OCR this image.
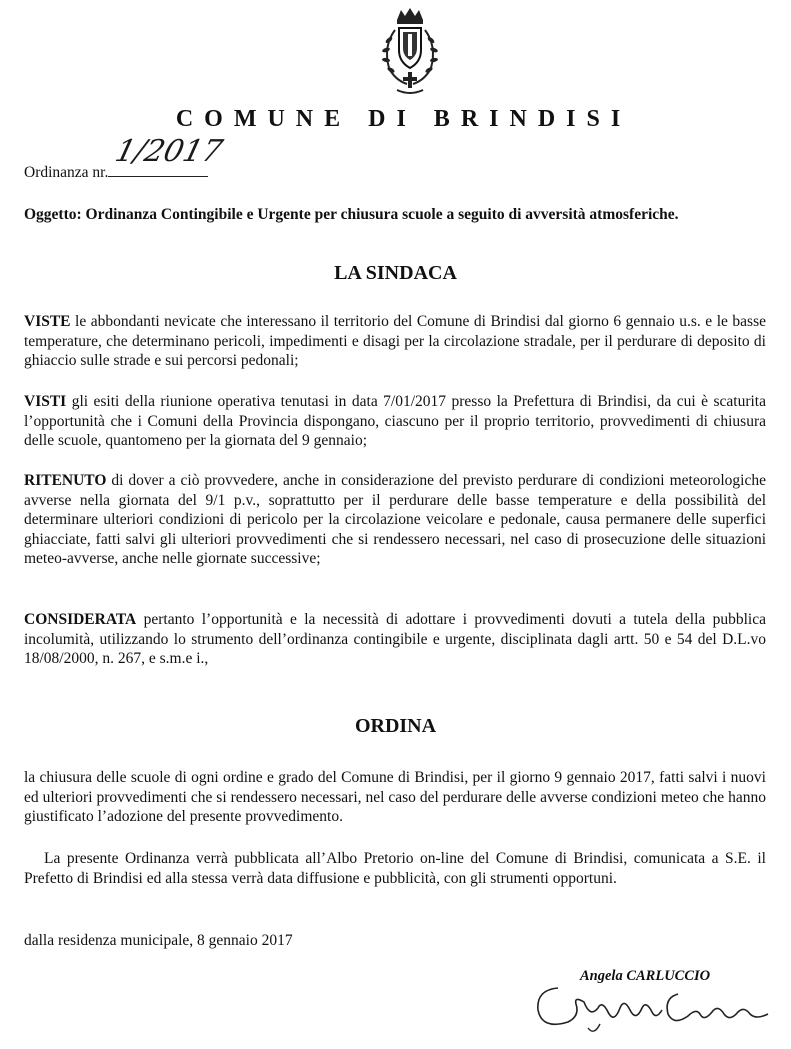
COMUNE DI BRINDISI
Ordinanza nr.
1/2017
Oggetto: Ordinanza Contingibile e Urgente per chiusura scuole a seguito di avversità atmosferiche.
LA SINDACA
VISTE le abbondanti nevicate che interessano il territorio del Comune di Brindisi dal giorno 6 gennaio u.s. e le basse temperature, che determinano pericoli, impedimenti e disagi per la circolazione stradale, per il perdurare di deposito di ghiaccio sulle strade e sui percorsi pedonali;
VISTI gli esiti della riunione operativa tenutasi in data 7/01/2017 presso la Prefettura di Brindisi, da cui è scaturita l’opportunità che i Comuni della Provincia dispongano, ciascuno per il proprio territorio, provvedimenti di chiusura delle scuole, quantomeno per la giornata del 9 gennaio;
RITENUTO di dover a ciò provvedere, anche in considerazione del previsto perdurare di condizioni meteorologiche avverse nella giornata del 9/1 p.v., soprattutto per il perdurare delle basse temperature e della possibilità del determinare ulteriori condizioni di pericolo per la circolazione veicolare e pedonale, causa permanere delle superfici ghiacciate, fatti salvi gli ulteriori provvedimenti che si rendessero necessari, nel caso di prosecuzione delle situazioni meteo-avverse, anche nelle giornate successive;
CONSIDERATA pertanto l’opportunità e la necessità di adottare i provvedimenti dovuti a tutela della pubblica incolumità, utilizzando lo strumento dell’ordinanza contingibile e urgente, disciplinata dagli artt. 50 e 54 del D.L.vo 18/08/2000, n. 267, e s.m.e i.,
ORDINA
la chiusura delle scuole di ogni ordine e grado del Comune di Brindisi, per il giorno 9 gennaio 2017, fatti salvi i nuovi ed ulteriori provvedimenti che si rendessero necessari, nel caso del perdurare delle avverse condizioni meteo che hanno giustificato l’adozione del presente provvedimento.
La presente Ordinanza verrà pubblicata all’Albo Pretorio on-line del Comune di Brindisi, comunicata a S.E. il Prefetto di Brindisi ed alla stessa verrà data diffusione e pubblicità, con gli strumenti opportuni.
dalla residenza municipale, 8 gennaio 2017
Angela CARLUCCIO
